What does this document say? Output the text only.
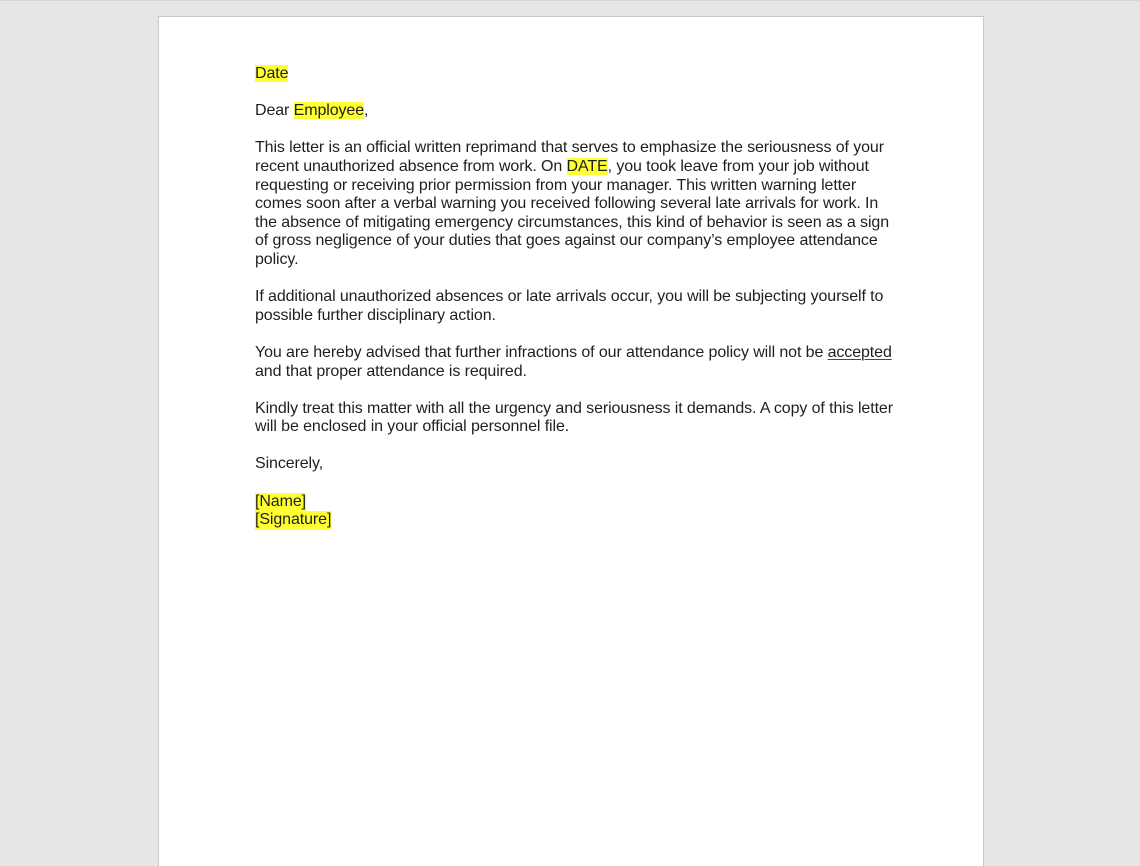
Date

Dear Employee,

This letter is an official written reprimand that serves to emphasize the seriousness of your recent unauthorized absence from work. On DATE, you took leave from your job without requesting or receiving prior permission from your manager. This written warning letter comes soon after a verbal warning you received following several late arrivals for work. In the absence of mitigating emergency circumstances, this kind of behavior is seen as a sign of gross negligence of your duties that goes against our company’s employee attendance policy.

If additional unauthorized absences or late arrivals occur, you will be subjecting yourself to possible further disciplinary action.

You are hereby advised that further infractions of our attendance policy will not be accepted and that proper attendance is required.

Kindly treat this matter with all the urgency and seriousness it demands. A copy of this letter will be enclosed in your official personnel file.

Sincerely,

[Name]
[Signature]
